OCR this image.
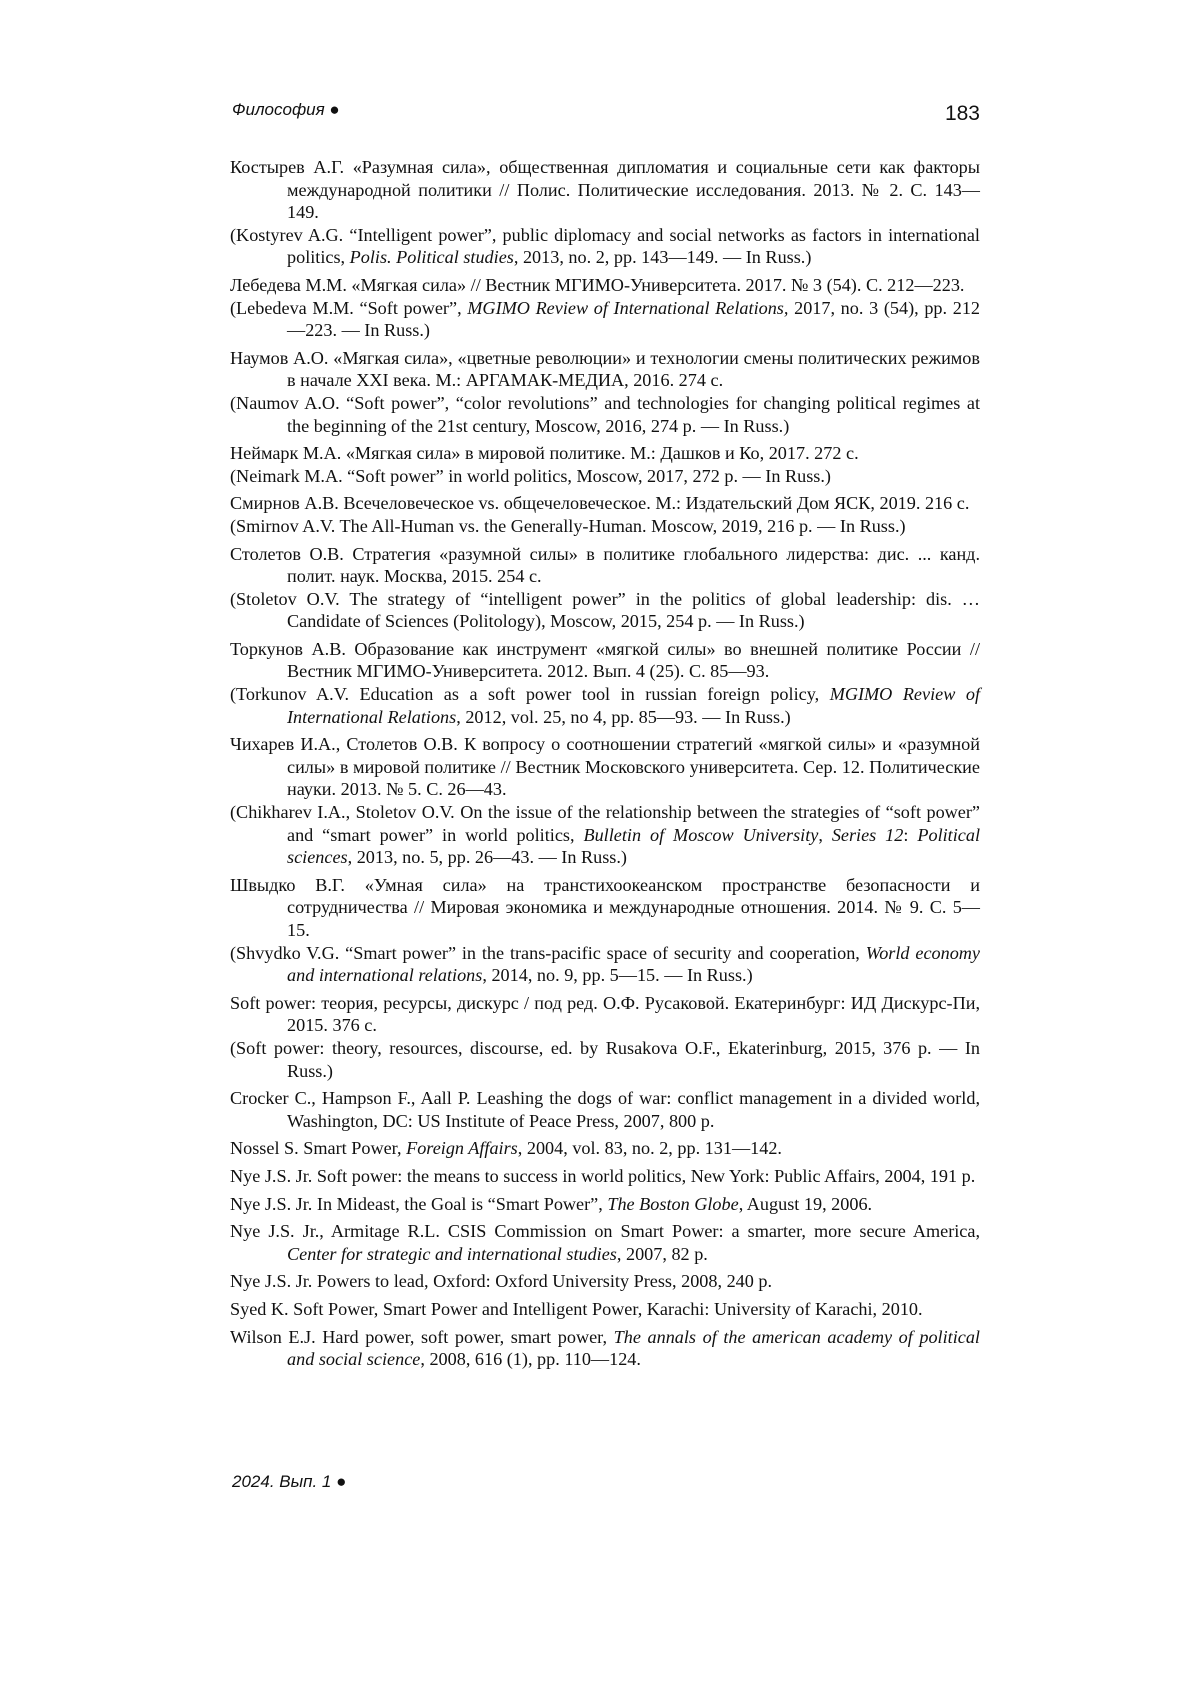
Философия ●	183
Костырев А.Г. «Разумная сила», общественная дипломатия и социальные сети как факторы международной политики // Полис. Политические исследования. 2013. № 2. С. 143—149.
(Kostyrev A.G. “Intelligent power”, public diplomacy and social networks as factors in international politics, Polis. Political studies, 2013, no. 2, pp. 143—149. — In Russ.)
Лебедева М.М. «Мягкая сила» // Вестник МГИМО-Университета. 2017. № 3 (54). С. 212—223.
(Lebedeva M.M. “Soft power”, MGIMO Review of International Relations, 2017, no. 3 (54), pp. 212—223. — In Russ.)
Наумов А.О. «Мягкая сила», «цветные революции» и технологии смены политических режимов в начале XXI века. М.: АРГАМАК-МЕДИА, 2016. 274 с.
(Naumov A.O. “Soft power”, “color revolutions” and technologies for changing political regimes at the beginning of the 21st century, Moscow, 2016, 274 p. — In Russ.)
Неймарк М.А. «Мягкая сила» в мировой политике. М.: Дашков и Ко, 2017. 272 с.
(Neimark M.A. “Soft power” in world politics, Moscow, 2017, 272 p. — In Russ.)
Смирнов А.В. Всечеловеческое vs. общечеловеческое. М.: Издательский Дом ЯСК, 2019. 216 с.
(Smirnov A.V. The All-Human vs. the Generally-Human. Moscow, 2019, 216 p. — In Russ.)
Столетов О.В. Стратегия «разумной силы» в политике глобального лидерства: дис. ... канд. полит. наук. Москва, 2015. 254 с.
(Stoletov O.V. The strategy of “intelligent power” in the politics of global leadership: dis. … Candidate of Sciences (Politology), Moscow, 2015, 254 p. — In Russ.)
Торкунов А.В. Образование как инструмент «мягкой силы» во внешней политике России // Вестник МГИМО-Университета. 2012. Вып. 4 (25). С. 85—93.
(Torkunov A.V. Education as a soft power tool in russian foreign policy, MGIMO Review of International Relations, 2012, vol. 25, no 4, pp. 85—93. — In Russ.)
Чихарев И.А., Столетов О.В. К вопросу о соотношении стратегий «мягкой силы» и «разумной силы» в мировой политике // Вестник Московского университета. Сер. 12. Политические науки. 2013. № 5. С. 26—43.
(Chikharev I.A., Stoletov O.V. On the issue of the relationship between the strategies of “soft power” and “smart power” in world politics, Bulletin of Moscow University, Series 12: Political sciences, 2013, no. 5, pp. 26—43. — In Russ.)
Швыдко В.Г. «Умная сила» на транстихоокеанском пространстве безопасности и сотрудничества // Мировая экономика и международные отношения. 2014. № 9. С. 5—15.
(Shvydko V.G. “Smart power” in the trans-pacific space of security and cooperation, World economy and international relations, 2014, no. 9, pp. 5—15. — In Russ.)
Soft power: теория, ресурсы, дискурс / под ред. О.Ф. Русаковой. Екатеринбург: ИД Дискурс-Пи, 2015. 376 с.
(Soft power: theory, resources, discourse, ed. by Rusakova O.F., Ekaterinburg, 2015, 376 p. — In Russ.)
Crocker C., Hampson F., Aall P. Leashing the dogs of war: conflict management in a divided world, Washington, DC: US Institute of Peace Press, 2007, 800 p.
Nossel S. Smart Power, Foreign Affairs, 2004, vol. 83, no. 2, pp. 131—142.
Nye J.S. Jr. Soft power: the means to success in world politics, New York: Public Affairs, 2004, 191 p.
Nye J.S. Jr. In Mideast, the Goal is “Smart Power”, The Boston Globe, August 19, 2006.
Nye J.S. Jr., Armitage R.L. CSIS Commission on Smart Power: a smarter, more secure America, Center for strategic and international studies, 2007, 82 p.
Nye J.S. Jr. Powers to lead, Oxford: Oxford University Press, 2008, 240 p.
Syed K. Soft Power, Smart Power and Intelligent Power, Karachi: University of Karachi, 2010.
Wilson E.J. Hard power, soft power, smart power, The annals of the american academy of political and social science, 2008, 616 (1), pp. 110—124.
2024. Вып. 1 ●
